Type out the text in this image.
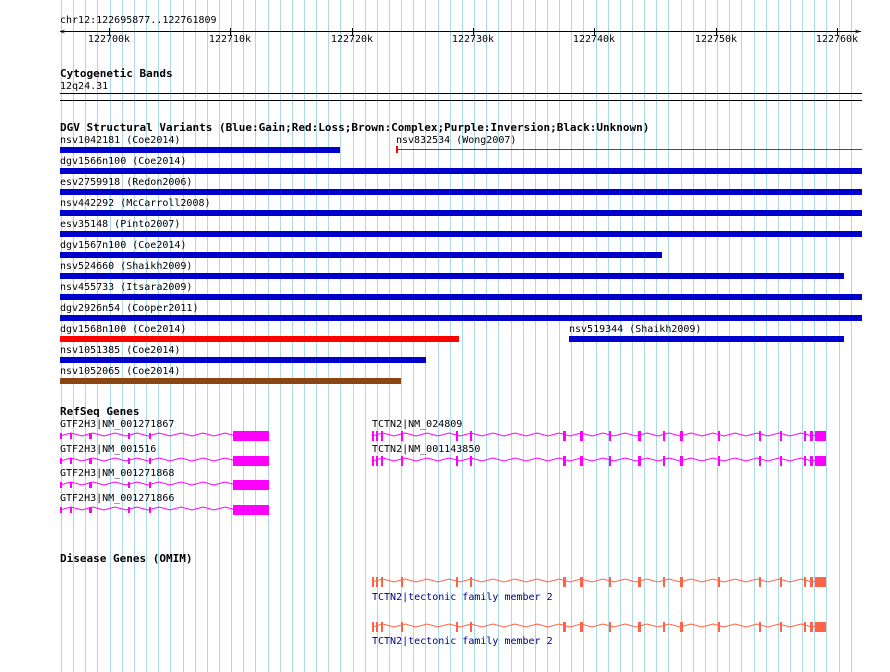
chr12:122695877..122761809
<	>
122700k	122710k	122720k	122730k	122740k	122750k	122760k
Cytogenetic Bands
12q24.31
DGV Structural Variants (Blue:Gain;Red:Loss;Brown:Complex;Purple:Inversion;Black:Unknown)
nsv1042181 (Coe2014)	nsv832534 (Wong2007)
dgv1566n100 (Coe2014)
esv2759918 (Redon2006)
nsv442292 (McCarroll2008)
esv35148 (Pinto2007)
dgv1567n100 (Coe2014)
nsv524660 (Shaikh2009)
nsv455733 (Itsara2009)
dgv2926n54 (Cooper2011)
dgv1568n100 (Coe2014)	nsv519344 (Shaikh2009)
nsv1051385 (Coe2014)
nsv1052065 (Coe2014)
RefSeq Genes
GTF2H3|NM_001271867
GTF2H3|NM_001516
GTF2H3|NM_001271868
GTF2H3|NM_001271866
TCTN2|NM_024809
TCTN2|NM_001143850
Disease Genes (OMIM)
TCTN2|tectonic family member 2
TCTN2|tectonic family member 2
